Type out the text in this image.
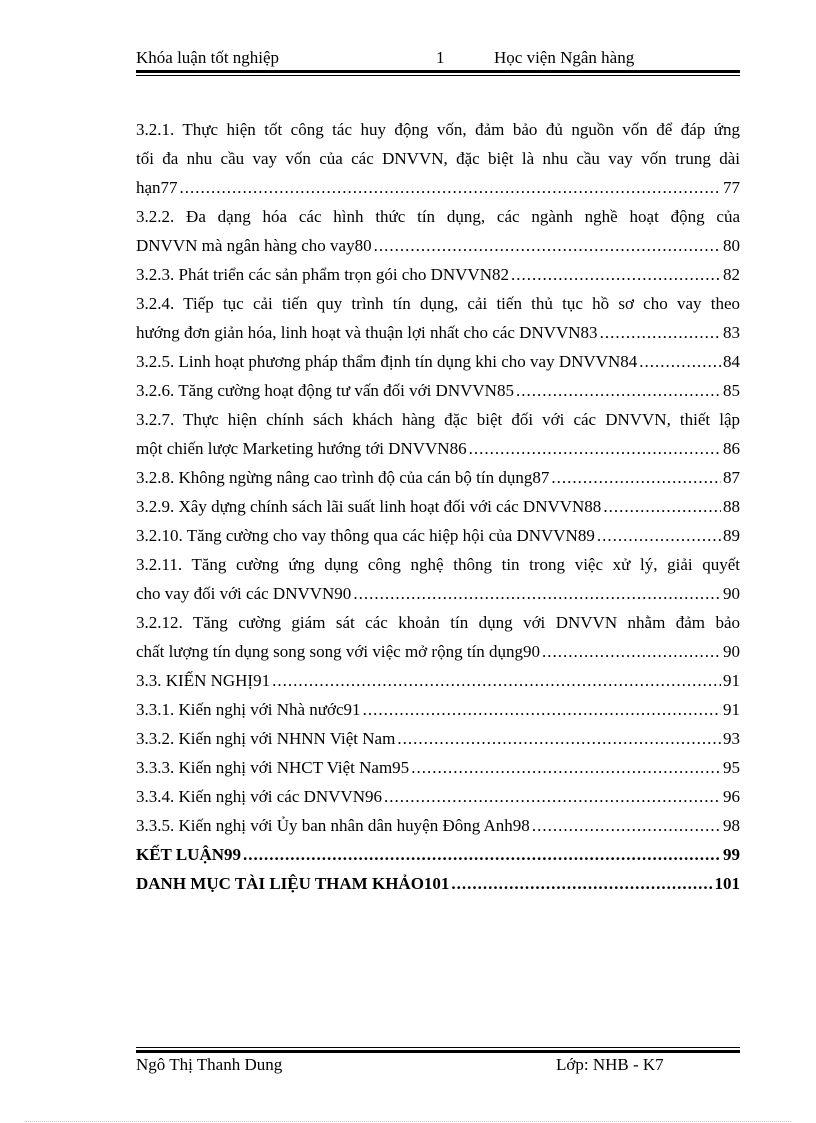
Khóa luận tốt nghiệp	1	Học viện Ngân hàng
3.2.1. Thực hiện tốt công tác huy động vốn, đảm bảo đủ nguồn vốn để đáp ứng
tối đa nhu cầu vay vốn của các DNVVN, đặc biệt là nhu cầu vay vốn trung dài
hạn77 .....	77
3.2.2. Đa dạng hóa các hình thức tín dụng, các ngành nghề hoạt động của
DNVVN mà ngân hàng cho vay80 .....	80
3.2.3. Phát triển các sản phẩm trọn gói cho DNVVN82 .....	82
3.2.4. Tiếp tục cải tiến quy trình tín dụng, cải tiến thủ tục hồ sơ cho vay theo
hướng đơn giản hóa, linh hoạt và thuận lợi nhất cho các DNVVN83 .....	83
3.2.5. Linh hoạt phương pháp thẩm định tín dụng khi cho vay DNVVN84 .....	84
3.2.6. Tăng cường hoạt động tư vấn đối với DNVVN85 .....	85
3.2.7. Thực hiện chính sách khách hàng đặc biệt đối với các DNVVN, thiết lập
một chiến lược Marketing hướng tới DNVVN86 .....	86
3.2.8. Không ngừng nâng cao trình độ của cán bộ tín dụng87 .....	87
3.2.9. Xây dựng chính sách lãi suất linh hoạt đối với các DNVVN88 .....	88
3.2.10. Tăng cường cho vay thông qua các hiệp hội của DNVVN89 .....	89
3.2.11. Tăng cường ứng dụng công nghệ thông tin trong việc xử lý, giải quyết
cho vay đối với các DNVVN90 .....	90
3.2.12. Tăng cường giám sát các khoản tín dụng với DNVVN nhằm đảm bảo
chất lượng tín dụng song song với việc mở rộng tín dụng90 .....	90
3.3. KIẾN NGHỊ91 .....	91
3.3.1. Kiến nghị với Nhà nước91 .....	91
3.3.2. Kiến nghị với NHNN Việt Nam .....	93
3.3.3. Kiến nghị với NHCT Việt Nam95 .....	95
3.3.4. Kiến nghị với các DNVVN96 .....	96
3.3.5. Kiến nghị với Ủy ban nhân dân huyện Đông Anh98 .....	98
KẾT LUẬN99 .....	99
DANH MỤC TÀI LIỆU THAM KHẢO101 .....	101
Ngô Thị Thanh Dung	Lớp: NHB - K7
